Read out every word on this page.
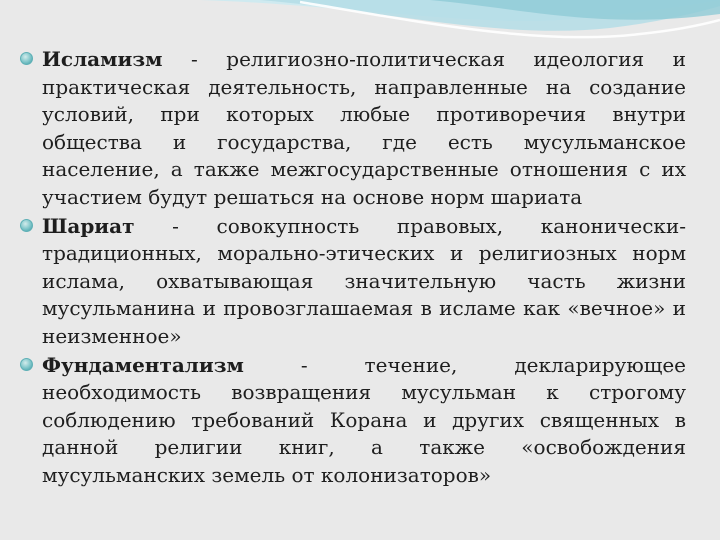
Исламизм - религиозно-политическая идеология и практическая деятельность, направленные на создание условий, при которых любые противоречия внутри общества и государства, где есть мусульманское население, а также межгосударственные отношения с их участием будут решаться на основе норм шариата
Шариат - совокупность правовых, канонически-традиционных, морально-этических и религиозных норм ислама, охватывающая значительную часть жизни мусульманина и провозглашаемая в исламе как «вечное» и неизменное»
Фундаментализм - течение, декларирующее необходимость возвращения мусульман к строгому соблюдению требований Корана и других священных в данной религии книг, а также «освобождения мусульманских земель от колонизаторов»
